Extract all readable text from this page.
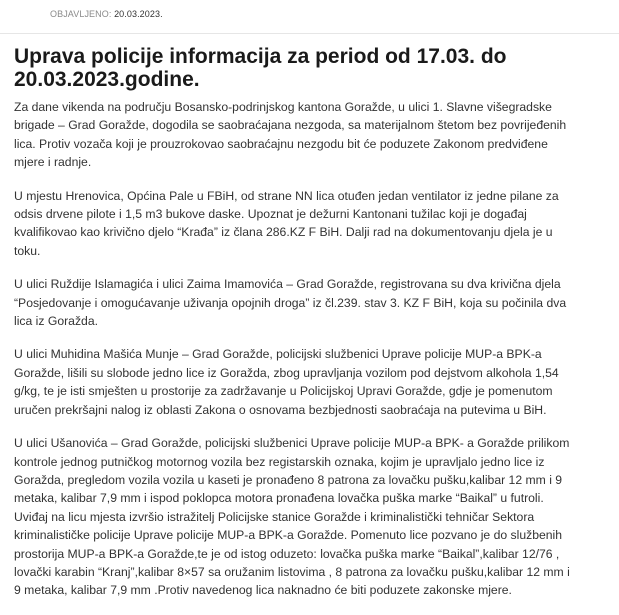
OBJAVLJENO: 20.03.2023.
Uprava policije informacija za period od 17.03. do 20.03.2023.godine.

Za dane vikenda na području Bosansko-podrinjskog kantona Goražde, u ulici 1. Slavne višegradske
brigade – Grad Goražde, dogodila se saobraćajana nezgoda, sa materijalnom štetom bez povrijeđenih
lica. Protiv vozača koji je prouzrokovao saobraćajnu nezgodu bit će poduzete Zakonom predviđene
mjere i radnje.

U mjestu Hrenovica, Općina Pale u FBiH, od strane NN lica otuđen jedan ventilator iz jedne pilane za
odsis drvene pilote i 1,5 m3 bukove daske. Upoznat je dežurni Kantonani tužilac koji je događaj
kvalifikovao kao krivično djelo “Krađa” iz člana 286.KZ F BiH. Dalji rad na dokumentovanju djela je u
toku.

U ulici Ruždije Islamagića i ulici Zaima Imamovića – Grad Goražde, registrovana su dva krivična djela
“Posjedovanje i omogućavanje uživanja opojnih droga” iz čl.239. stav 3. KZ F BiH, koja su počinila dva
lica iz Goražda.

U ulici Muhidina Mašića Munje – Grad Goražde, policijski službenici Uprave policije MUP-a BPK-a
Goražde, lišili su slobode jedno lice iz Goražda, zbog upravljanja vozilom pod dejstvom alkohola 1,54
g/kg, te je isti smješten u prostorije za zadržavanje u Policijskoj Upravi Goražde, gdje je pomenutom
uručen prekršajni nalog iz oblasti Zakona o osnovama bezbjednosti saobraćaja na putevima u BiH.

U ulici Ušanovića – Grad Goražde, policijski službenici Uprave policije MUP-a BPK- a Goražde prilikom
kontrole jednog putničkog motornog vozila bez registarskih oznaka, kojim je upravljalo jedno lice iz
Goražda, pregledom vozila vozila u kaseti je pronađeno 8 patrona za lovačku pušku,kalibar 12 mm i 9
metaka, kalibar 7,9 mm i ispod poklopca motora pronađena lovačka puška marke “Baikal” u futroli.
Uviđaj na licu mjesta izvršio istražitelj Policijske stanice Goražde i kriminalistički tehničar Sektora
kriminalističke policije Uprave policije MUP-a BPK-a Goražde. Pomenuto lice pozvano je do službenih
prostorija MUP-a BPK-a Goražde,te je od istog oduzeto: lovačka puška marke “Baikal”,kalibar 12/76 ,
lovački karabin “Kranj”,kalibar 8×57 sa oružanim listovima , 8 patrona za lovačku pušku,kalibar 12 mm i
9 metaka, kalibar 7,9 mm .Protiv navedenog lica naknadno će biti poduzete zakonske mjere.
